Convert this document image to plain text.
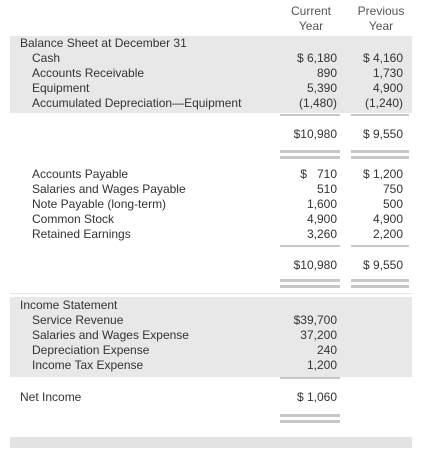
Current
Year
Previous
Year
Balance Sheet at December 31
Cash	$ 6,180	$ 4,160
Accounts Receivable	890	1,730
Equipment	5,390	4,900
Accumulated Depreciation—Equipment	(1,480)	(1,240)
$10,980	$ 9,550
Accounts Payable	$   710	$ 1,200
Salaries and Wages Payable	510	750
Note Payable (long-term)	1,600	500
Common Stock	4,900	4,900
Retained Earnings	3,260	2,200
$10,980	$ 9,550
Income Statement
Service Revenue	$39,700
Salaries and Wages Expense	37,200
Depreciation Expense	240
Income Tax Expense	1,200
Net Income	$ 1,060
